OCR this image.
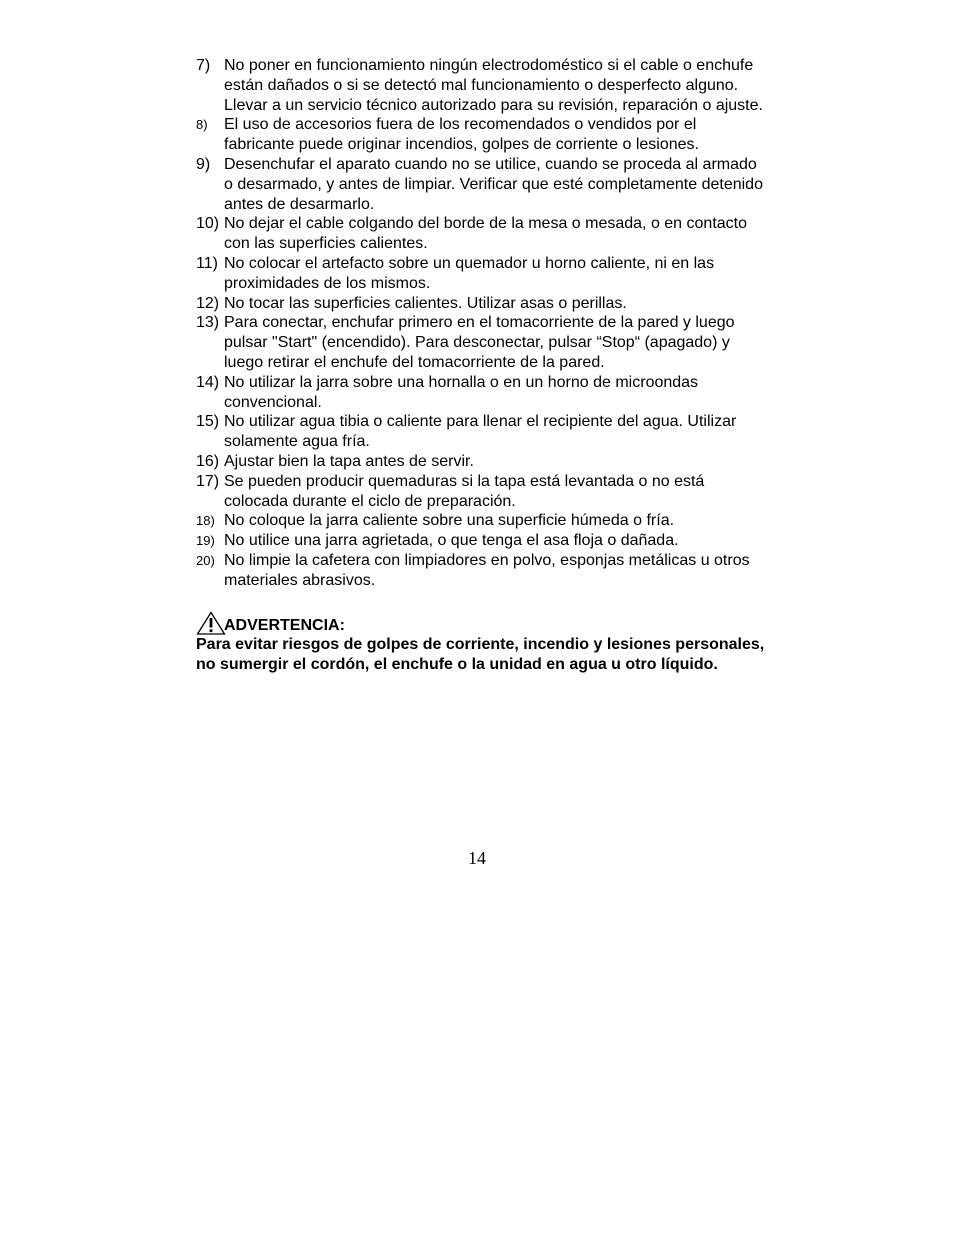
7) No poner en funcionamiento ningún electrodoméstico si el cable o enchufe están dañados o si se detectó mal funcionamiento o desperfecto alguno. Llevar a un servicio técnico autorizado para su revisión, reparación o ajuste.
8)	El uso de accesorios fuera de los recomendados o vendidos por el fabricante puede originar incendios, golpes de corriente o lesiones.
9) Desenchufar el aparato cuando no se utilice, cuando se proceda al armado o desarmado, y antes de limpiar. Verificar que esté completamente detenido antes de desarmarlo.
10) No dejar el cable colgando del borde de la mesa o mesada, o en contacto con las superficies calientes.
11) No colocar el artefacto sobre un quemador u horno caliente, ni en las proximidades de los mismos.
12) No tocar las superficies calientes. Utilizar asas o perillas.
13) Para conectar, enchufar primero en el tomacorriente de la pared y luego pulsar "Start" (encendido). Para desconectar, pulsar “Stop“ (apagado) y luego retirar el enchufe del tomacorriente de la pared.
14) No utilizar la jarra sobre una hornalla o en un horno de microondas convencional.
15) No utilizar agua tibia o caliente para llenar el recipiente del agua. Utilizar solamente agua fría.
16) Ajustar bien la tapa antes de servir.
17) Se pueden producir quemaduras si la tapa está levantada o no está colocada durante el ciclo de preparación.
18) No coloque la jarra caliente sobre una superficie húmeda o fría.
19) No utilice una jarra agrietada, o que tenga el asa floja o dañada.
20) No limpie la cafetera con limpiadores en polvo, esponjas metálicas u otros materiales abrasivos.
ADVERTENCIA:
Para evitar riesgos de golpes de corriente, incendio y lesiones personales, no sumergir el cordón, el enchufe o la unidad en agua u otro líquido.
14
